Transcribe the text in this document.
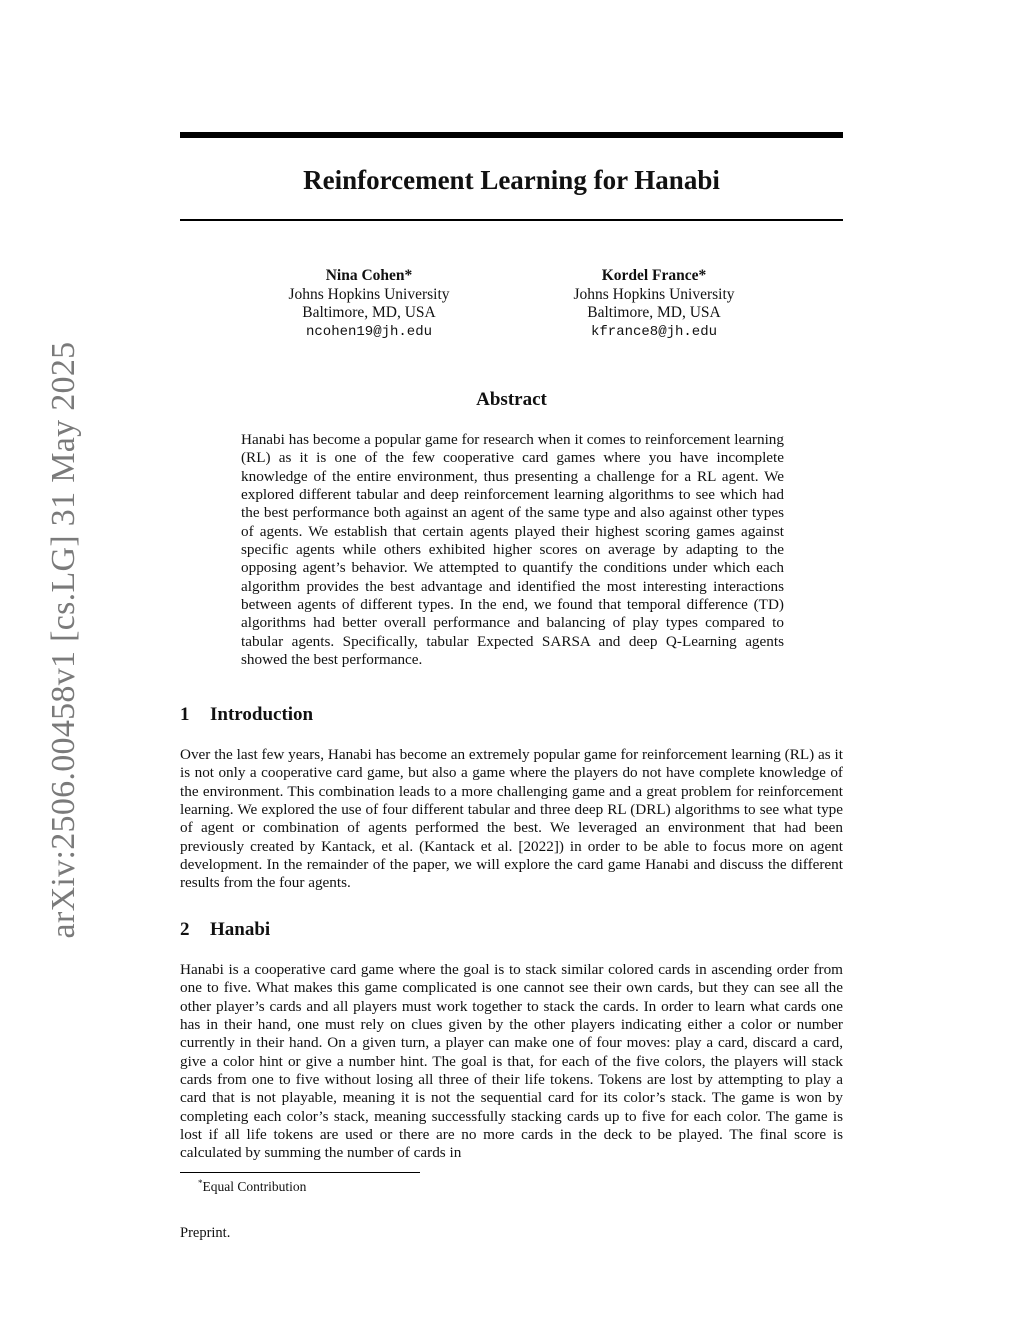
arXiv:2506.00458v1 [cs.LG] 31 May 2025
Reinforcement Learning for Hanabi
Nina Cohen*
Johns Hopkins University
Baltimore, MD, USA
ncohen19@jh.edu
Kordel France*
Johns Hopkins University
Baltimore, MD, USA
kfrance8@jh.edu
Abstract

Hanabi has become a popular game for research when it comes to reinforcement learning (RL) as it is one of the few cooperative card games where you have incomplete knowledge of the entire environment, thus presenting a challenge for a RL agent. We explored different tabular and deep reinforcement learning algorithms to see which had the best performance both against an agent of the same type and also against other types of agents. We establish that certain agents played their highest scoring games against specific agents while others exhibited higher scores on average by adapting to the opposing agent’s behavior. We attempted to quantify the conditions under which each algorithm provides the best advantage and identified the most interesting interactions between agents of different types. In the end, we found that temporal difference (TD) algorithms had better overall performance and balancing of play types compared to tabular agents. Specifically, tabular Expected SARSA and deep Q-Learning agents showed the best performance.

1 Introduction

Over the last few years, Hanabi has become an extremely popular game for reinforcement learning (RL) as it is not only a cooperative card game, but also a game where the players do not have complete knowledge of the environment. This combination leads to a more challenging game and a great problem for reinforcement learning. We explored the use of four different tabular and three deep RL (DRL) algorithms to see what type of agent or combination of agents performed the best. We leveraged an environment that had been previously created by Kantack, et al. (Kantack et al. [2022]) in order to be able to focus more on agent development. In the remainder of the paper, we will explore the card game Hanabi and discuss the different results from the four agents.

2 Hanabi

Hanabi is a cooperative card game where the goal is to stack similar colored cards in ascending order from one to five. What makes this game complicated is one cannot see their own cards, but they can see all the other player’s cards and all players must work together to stack the cards. In order to learn what cards one has in their hand, one must rely on clues given by the other players indicating either a color or number currently in their hand. On a given turn, a player can make one of four moves: play a card, discard a card, give a color hint or give a number hint. The goal is that, for each of the five colors, the players will stack cards from one to five without losing all three of their life tokens. Tokens are lost by attempting to play a card that is not playable, meaning it is not the sequential card for its color’s stack. The game is won by completing each color’s stack, meaning successfully stacking cards up to five for each color. The game is lost if all life tokens are used or there are no more cards in the deck to be played. The final score is calculated by summing the number of cards in

*Equal Contribution
Preprint.
